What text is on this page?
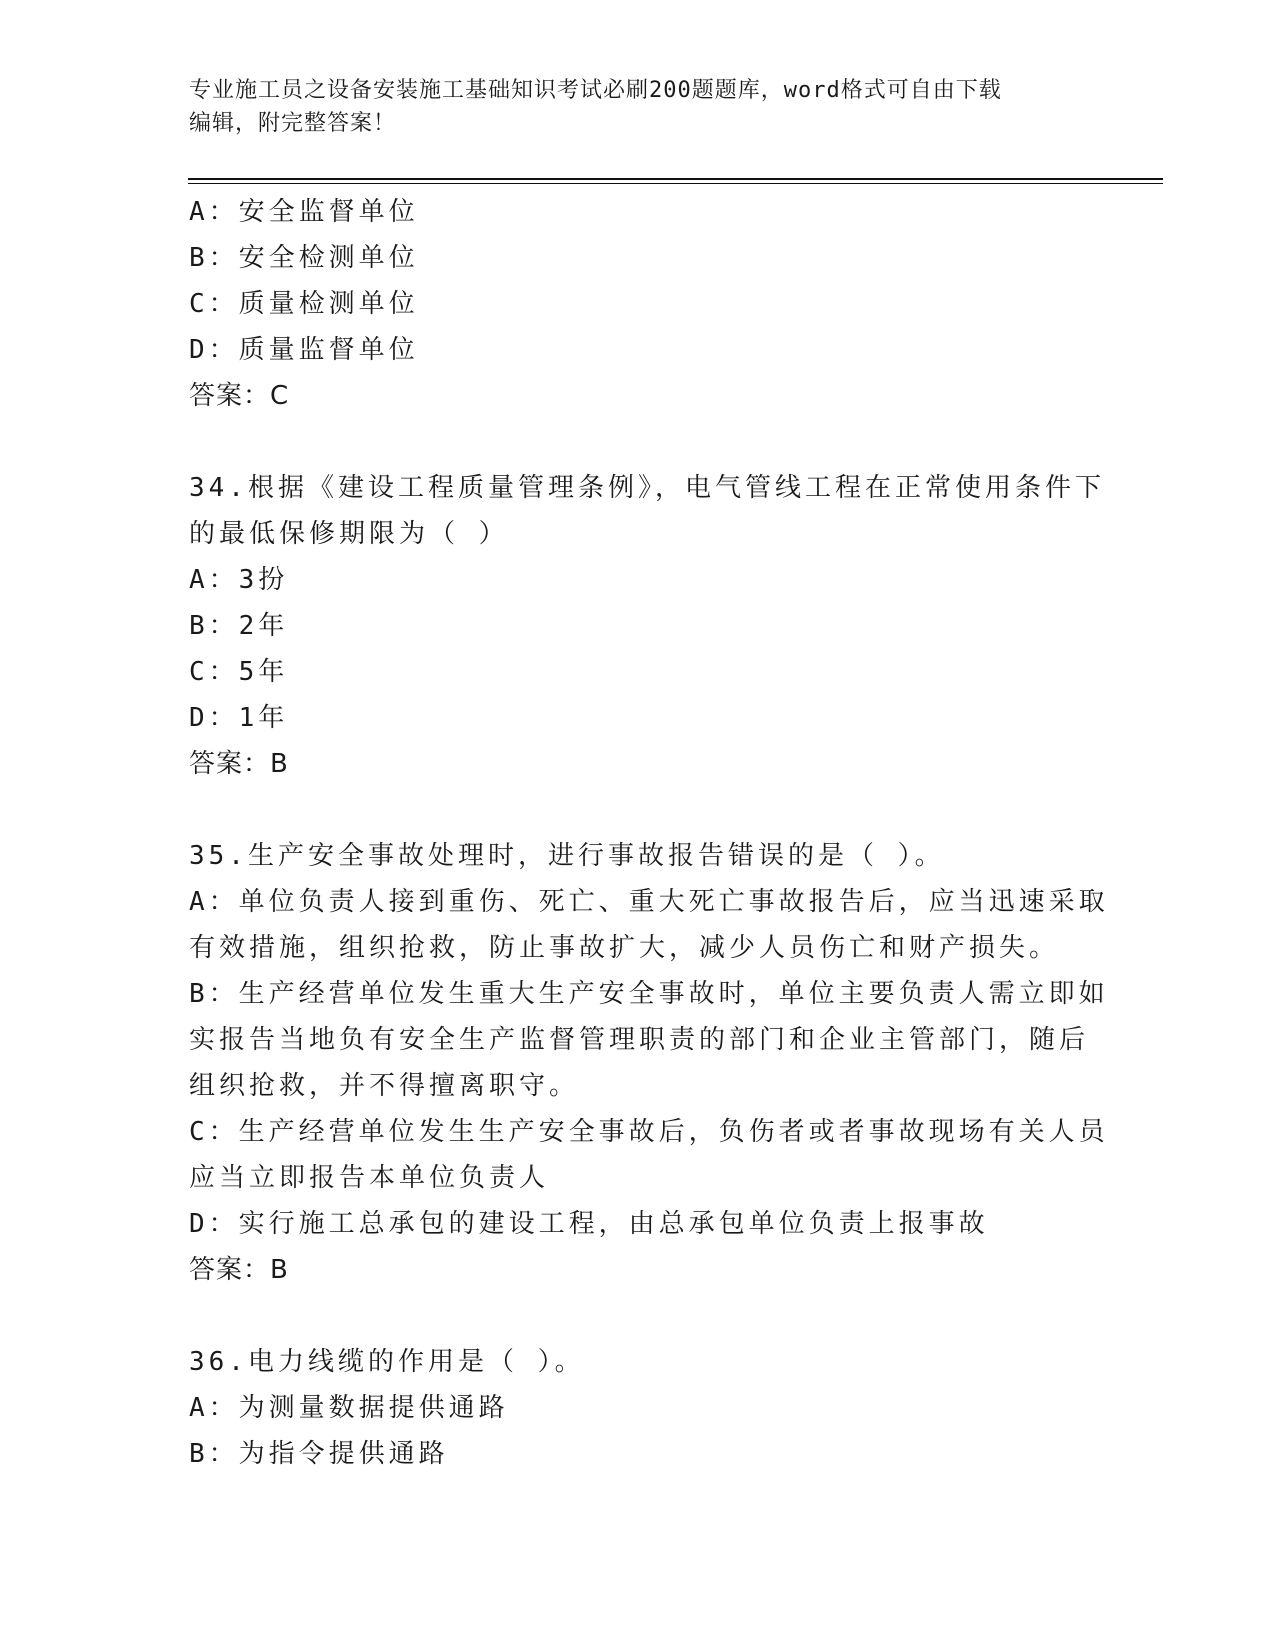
专业施工员之设备安装施工基础知识考试必刷200题题库，word格式可自由下载
编辑，附完整答案！
A：安全监督单位
B：安全检测单位
C：质量检测单位
D：质量监督单位
答案：C
34.根据《建设工程质量管理条例》，电气管线工程在正常使用条件下
的最低保修期限为（ ）
A：3扮
B：2年
C：5年
D：1年
答案：B
35.生产安全事故处理时，进行事故报告错误的是（ ）。
A：单位负责人接到重伤、死亡、重大死亡事故报告后，应当迅速采取
有效措施，组织抢救，防止事故扩大，减少人员伤亡和财产损失。
B：生产经营单位发生重大生产安全事故时，单位主要负责人需立即如
实报告当地负有安全生产监督管理职责的部门和企业主管部门，随后
组织抢救，并不得擅离职守。
C：生产经营单位发生生产安全事故后，负伤者或者事故现场有关人员
应当立即报告本单位负责人
D：实行施工总承包的建设工程，由总承包单位负责上报事故
答案：B
36.电力线缆的作用是（ ）。
A：为测量数据提供通路
B：为指令提供通路
